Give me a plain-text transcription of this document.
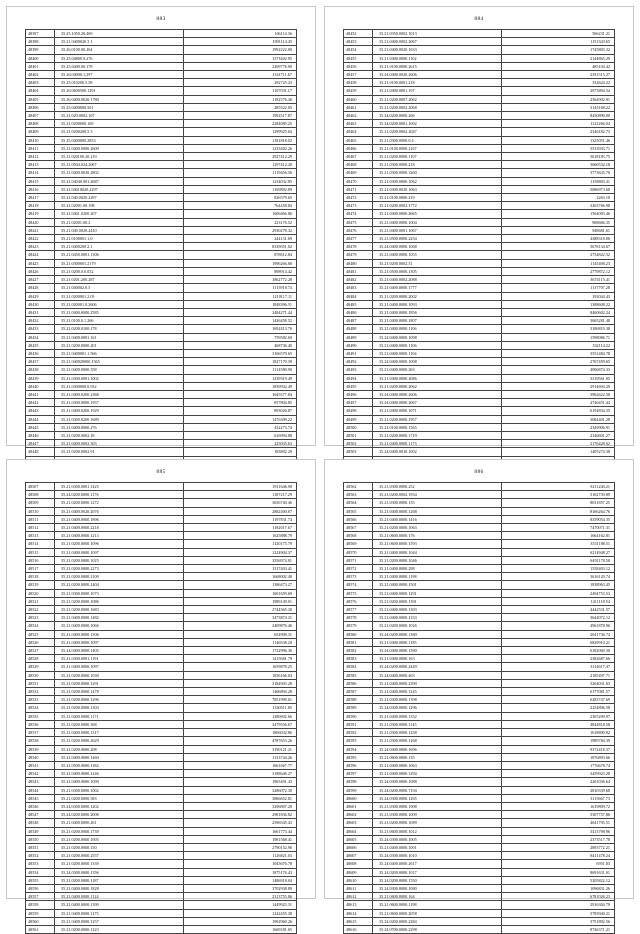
883
48397	35.25.1050.20.469	166114.36
48398	35.21.0400020.3 1	1891114.45
48399	35.26.0100.00.204	1992222.00
48400	35.25.04800.9.276	1573402.95
48401	35.25.6400.00.178	2209776.90
48402	35.26.04000.1,297	1341711.67
48403	35.25.010200.5.58	292725.23
48404	35.26.0600500.1291	1167031.17
48405	35.26.0400.0020.1780	1182576.40
48406	35.25.0400000.501	285522.05
48407	35.21.020.0002.107	1992517.87
48408	35.21.0200000.169	2284085.25
48409	35.21.0200200.5.3	1299925.64
48410	35.25.0400000.2853	1181818.02
48411	35.21.0400.0000.2600	1235402.26
48412	35.21.020100.20.219	2927412.29
48413	35.21.0504.024.2067	1297412.20
48414	35.21.0400.0020.2802	1119456.36
48415	35.21.04040.001.2687	1234032.85
48416	35.21.04010020.2297	1169892.89
48417	35.21.040.0020.2297	826579.65
48418	35.21.02001.00.198	764458.84
48419	35.21.0401.0200.207	1606466.86
48420	35.21.02001.00.2	223176.52
48421	35.21.040.0020.2410	2930278.32
48422	35.21.0100001.1,0	244131.69
48423	35.21.0400200.2.1	8339051.02
48424	35.21.0450.0001.1306	878612.84
48425	35.21.0300001.2179	1996266.68
48426	35.21.0200.0.0.052	898914.42
48427	35.21.0201.200.287	1862772.28
48428	35.21.040002.0.5	1115918.74
48429	35.21.0200001.2.05	1210117.11
48430	35.21.020001.0.2606	1848396.51
48431	35.21.0400.0000.2585	2484271.44
48432	35.21.0100.0.1.266	1426458.52
48433	35.21.0200.0100.178	1692413.76
48434	35.21.0400.0001.161	759582.60
48435	35.21.0200.0000.201	468736.40
48436	35.21.0400001.1.566	3166579.65
48437	35.21.040020000.1565	1827170.39
48438	35.21.0400.0000.358	1114580.90
48439	35.21.0300.0001.1002	1239319.49
48440	35.21.0300000.0.032	1839932.49
48441	35.21.0400.0200.2368	1645577.84
48442	35.21.0300.0000.1957	857804.85
48443	35.21.0400.0200.1929	893026.87
48444	35.21.0300.0200.1689	1476309.22
48445	35.21.0400.0000.276	432273.74
48446	35.21.0200.0002.18	616994.88
48447	35.21.0400.0002.303	225035.63
48448	35.21.0200.0002.91	183802.29

884
48452	35.21.0350.0002.1013	566231.21
48453	35.21.0400.0002.2067	1151343.65
48454	35.21.0400.0020.1633	1745803.32
48455	35.21.0400.0000.1102	2144865.29
48456	35.21.0100.0000.2615	485104.42
48457	35.24.0400.0020.2606	2351515.27
48458	35.21.0100.0001.218	332624.22
48459	35.21.0400.0001.197	2973894.54
48460	35.21.0200.0007.2062	2364902.91
48461	35.21.0200.0002.2068	3145168.22
48462	35.24.0200.0000.266	8450890.00
48463	35.24.0200.0001.1002	1122266.04
48464	35.21.0200.0002.2047	2346182.73
48465	35.21.0300.0000.0.4	1325051.46
48466	35.21.0100.0000.2167	5533933.71
48467	35.21.0200.0000.1107	5618183.75
48468	35.21.0300.0000.218	3660532.18
48469	35.21.0300.0000.3260	3773635.70
48470	35.21.0300.0000.1062	1158803.41
48471	35.21.0300.0020.1063	5086973.68
48472	35.21.0100.0000.219	2263.10
48473	35.21.0200.0002.1772	3263766.98
48474	35.21.0400.0000.2665	1564003.46
48475	35.21.0400.0000.1004	968666.35
48476	35.21.0400.0001.1067	948681.61
48477	35.21.0500.0000.2254	4388318.06
48478	35.24.0400.0000.1068	5678134.67
48479	35.21.0400.0000.1055	2754822.52
48480	35.21.0200.0002.51	1145406.23
48481	35.21.0500.0000.1305	2779872.12
48482	35.21.0400.0002.2088	3674115.41
48483	35.21.0400.0000.1777	1137707.28
48484	35.21.0200.0000.2002	192044.43
48485	35.21.0400.0000.1093	1388608.22
48486	35.21.0400.0000.1856	8460602.24
48487	35.21.0400.0000.1807	3665281.48
48488	35.21.0400.0000.1106	3186819.38
48489	35.24.0400.0000.1098	1598086.71
48490	35.21.0400.0000.1106	332114.22
48491	35.21.0400.0000.1104	3551484.78
48492	35.24.0400.0000.1008	2767459.65
48493	35.21.0400.0000.263	4906874.33
48494	35.21.0400.0000.2086	3319561.05
48495	35.21.0200.0000.2062	2914694.29
48496	35.24.0400.0000.2606	3962622.58
48497	35.24.0400.0000.2067	4746451.44
48498	35.21.0400.0000.1071	6194834.35
48499	35.21.0200.0000.1957	3084401.28
48500	35.21.0100.0000.1565	2349906.91
48501	35.21.0200.0000.1719	2346601.27
48502	35.21.0400.0000.1173	2176428.62
48503	35.24.0400.0010.1002	1405274.38

885
48507	35.21.0300.0001.1425	1911646.98
48508	35.24.0200.0000.1176	1187217.29
48509	35.21.0200.0000.1272	3656740.46
48510	35.21.0400.0020.2076	2882400.07
48511	35.21.0400.0000.1896	1197831.74
48512	35.21.0400.0000.2218	1182617.67
48513	35.21.0400.0000.1213	1625888.79
48514	35.21.0200.0000.1096	1120175.79
48515	35.21.0400.0000.1097	1224904.37
48516	35.21.0200.0000.1025	3556974.01
48517	35.21.0200.0000.2273	1317403.41
48518	35.21.0200.0000.2100	1668002.40
48519	35.21.0200.0000.1404	1386473.27
48520	35.21.0300.0000.1073	1601659.69
48521	35.21.0200.0000.1086	1989149.01
48522	35.21.0200.0000.1683	2744365.30
48523	35.21.0400.0000.1482	3473874.31
48524	35.21.0400.0000.1066	2409876.46
48525	35.21.0400.0000.1506	654908.31
48526	35.21.0400.0000.1097	1146538.28
48527	35.24.0400.0000.1405	1722996.36
48528	35.21.0300.0001.1191	1415681.79
48529	35.21.0400.0000.1097	1659878.25
48530	35.21.0200.0000.1039	1856166.04
48531	35.21.0200.0000.1291	3184903.28
48532	35.21.0200.0000.1478	1466894.28
48533	35.21.0200.0000.1296	7851999.01
48534	35.21.0200.0000.1303	1340511.85
48535	35.21.0400.0000.1171	1280692.66
48536	35.21.0200.0000.368	3479556.67
48537	35.21.0400.0000.1317	1806032.86
48538	35.21.0200.0000.2629	4787653.26
48539	35.21.0200.0000.208	3190121.21
48540	35.21.0400.0000.1460	1133744.26
48541	35.21.0500.0000.1184	1661667.77
48542	35.21.0400.0000.1246	3188646.27
48543	35.21.0400.0000.1099	1965491.43
48544	35.21.0300.0000.1002	3286072.30
48545	35.21.0200.0000.583	3866652.81
48546	35.24.0300.0000.1202	3296807.20
48547	35.24.0200.0000.2008	2981836.82
48548	35.21.0400.0000.261	2596545.43
48549	35.21.0200.0000.1739	1661773.44
48550	35.21.0200.0000.1005	1981568.41
48551	35.21.0200.0000.150	2790152.90
48552	35.21.0200.0000.2557	1126821.03
48553	35.21.0200.0000.1339	1045676.78
48554	35.24.0300.0000.1356	1875176.43
48555	35.21.0200.0000.1187	1486918.04
48556	35.21.0400.0000.1828	3702938.89
48557	35.21.0400.0000.1124	2313755.86
48558	35.21.0400.0000.1390	1449923.31
48559	35.21.0400.0000.1175	1242455.38
48560	35.21.0400.0000.1257	1902960.26
48561	35.21.0200.0000.1223	1669181.65
886
48562	35.21.0300.0000.252	9211240.21
48563	35.21.0200.0002.1934	5162739.89
48564	35.21.0300.0000.155	8031857.25
48565	35.21.0400.0000.1268	8166264.76
48566	35.21.0400.0000.1416	8359054.35
48567	35.21.0200.0000.1063	7470071.31
48568	35.21.0600.0000.176	1664162.81
48569	35.21.0600.0000.1593	3531188.51
48570	35.21.0400.0000.1044	6214948.27
48571	35.21.0200.0000.1046	6491178.58
48572	35.21.0400.0000.298	1558403.12
48573	35.21.0400.0000.1198	3616120.74
48574	35.21.0400.0000.1501	1838963.45
48575	35.21.0400.0000.1291	2494753.53
48576	35.21.0200.0000.1391	1411118.54
48577	35.21.0400.0000.1303	4442531.57
48578	35.21.0400.0000.1233	3644072.12
48579	35.21.0200.0000.1026	4961878.96
48580	35.24.0200.0000.1380	2041736.74
48581	35.21.0400.0000.1185	6829910.21
48582	35.24.0400.0000.1590	6182060.30
48583	35.21.0400.0000.163	2382687.66
48584	35.24.0200.0000.2449	3114617.47
48585	35.24.0400.0000.403	2185497.71
48586	35.21.0400.0000.2390	5264031.63
48587	35.21.0400.0000.1245	6177081.57
48588	35.21.0300.0000.1398	6283747.69
48589	35.24.0300.0000.1296	2254896.58
48590	35.21.0400.0000.1352	2305209.97
48591	35.21.0300.0000.1145	4844818.58
48592	35.21.0300.0000.1258	1618800.92
48593	35.21.0300.0000.1268	1989784.39
48594	35.24.0400.0000.1696	9372418.37
48595	35.21.0600.0000.155	1876893.66
48596	35.21.0400.0000.1063	1776678.74
48597	35.21.0400.0000.1294	3459923.28
48598	35.24.0300.0000.1088	2261036.64
48599	35.24.0200.0000.7194	2810339.68
48600	35.24.0300.0000.1265	3115667.73
48601	35.21.0300.0000.1908	1619809.72
48602	35.21.0300.0000.1009	5307737.86
48603	35.21.0200.0000.1089	4041795.51
48604	35.21.0600.0000.1012	3413798.96
48605	35.24.0300.0000.1005	2373517.78
48606	35.21.0400.0000.1001	2893772.21
48607	35.24.0300.0000.1010	8411478.24
48608	35.24.0400.0000.2617	6951.83
48609	35.24.0200.0000.1017	8691631.01
48610	35.24.0200.0000.1550	5205822.12
48611	35.24.0300.0000.1080	1096831.26
48612	35.21.0600.0000.164	6781026.23
48613	35.21.0600.0000.1198	2916304.79
48614	35.21.0600.0000.2058	5783940.21
48615	35.24.0200.0000.2284	3751892.56
48616	35.24.0700.0000.2298	8746371.21
